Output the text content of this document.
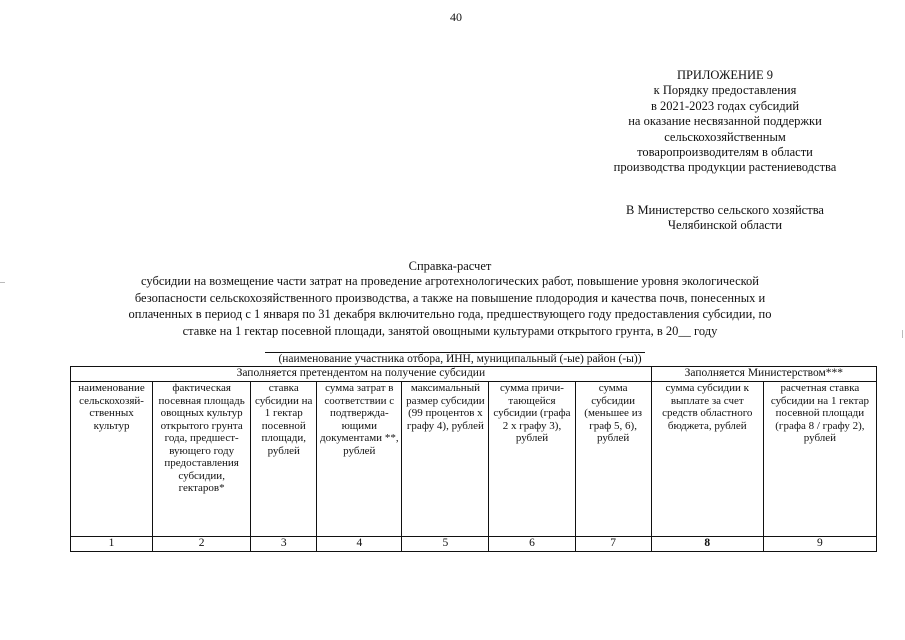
40
ПРИЛОЖЕНИЕ 9
к Порядку предоставления
в 2021-2023 годах субсидий
на оказание несвязанной поддержки
сельскохозяйственным
товаропроизводителям в области
производства продукции растениеводства
В Министерство сельского хозяйства
Челябинской области
Справка-расчет
субсидии на возмещение части затрат на проведение агротехнологических работ, повышение уровня экологической
безопасности сельскохозяйственного производства, а также на повышение плодородия и качества почв, понесенных и
оплаченных в период с 1 января по 31 декабря включительно года, предшествующего году предоставления субсидии, по
ставке на 1 гектар посевной площади, занятой овощными культурами открытого грунта, в 20__ году
(наименование участника отбора, ИНН, муниципальный (-ые) район (-ы))
Заполняется претендентом на получение субсидии							Заполняется Министерством***	
наименование сельскохозяй-ственных культур	фактическая посевная площадь овощных культур открытого грунта года, предшест-вующего году предоставления субсидии, гектаров*	ставка субсидии на 1 гектар посевной площади, рублей	сумма затрат в соответствии с подтвержда-ющими документами **, рублей	максимальный размер субсидии (99 процентов х графу 4), рублей	сумма причи-тающейся субсидии (графа 2 х графу 3), рублей	сумма субсидии (меньшее из граф 5, 6), рублей	сумма субсидии к выплате за счет средств областного бюджета, рублей	расчетная ставка субсидии на 1 гектар посевной площади (графа 8 / графу 2), рублей
1	2	3	4	5	6	7	8	9
